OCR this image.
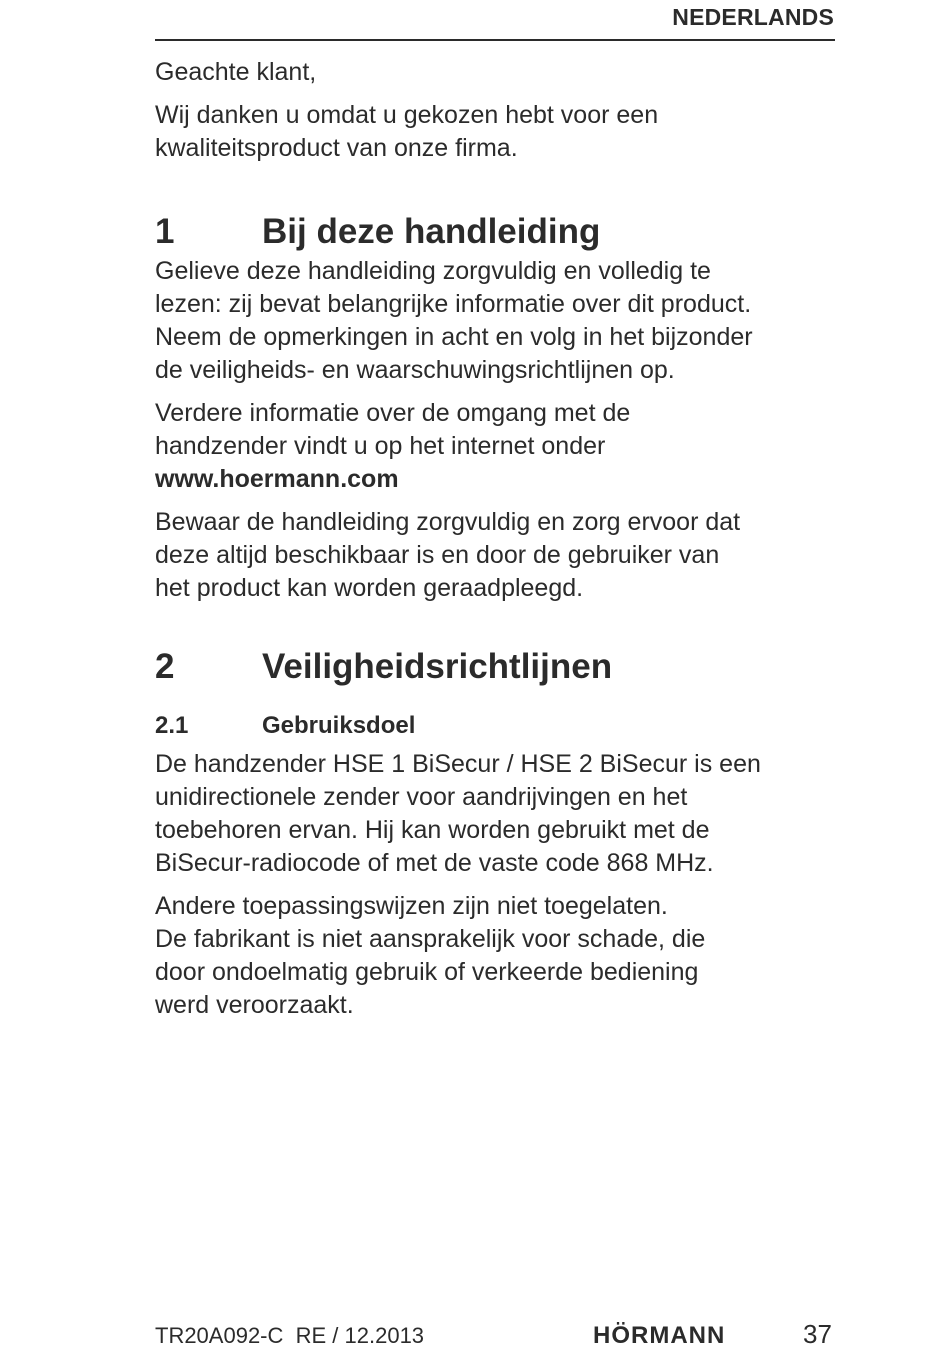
NEDERLANDS

Geachte klant,

Wij danken u omdat u gekozen hebt voor een

kwaliteitsproduct van onze firma.

1	Bij deze handleiding

Gelieve deze handleiding zorgvuldig en volledig te

lezen: zij bevat belangrijke informatie over dit product.

Neem de opmerkingen in acht en volg in het bijzonder

de veiligheids- en waarschuwingsrichtlijnen op.

Verdere informatie over de omgang met de

handzender vindt u op het internet onder

www.hoermann.com

Bewaar de handleiding zorgvuldig en zorg ervoor dat

deze altijd beschikbaar is en door de gebruiker van

het product kan worden geraadpleegd.

2	Veiligheidsrichtlijnen
2.1	Gebruiksdoel

De handzender HSE 1 BiSecur / HSE 2 BiSecur is een

unidirectionele zender voor aandrijvingen en het

toebehoren ervan. Hij kan worden gebruikt met de

BiSecur-radiocode of met de vaste code 868 MHz.

Andere toepassingswijzen zijn niet toegelaten.

De fabrikant is niet aansprakelijk voor schade, die

door ondoelmatig gebruik of verkeerde bediening

werd veroorzaakt.

TR20A092-C  RE / 12.2013	HÖRMANN	37
